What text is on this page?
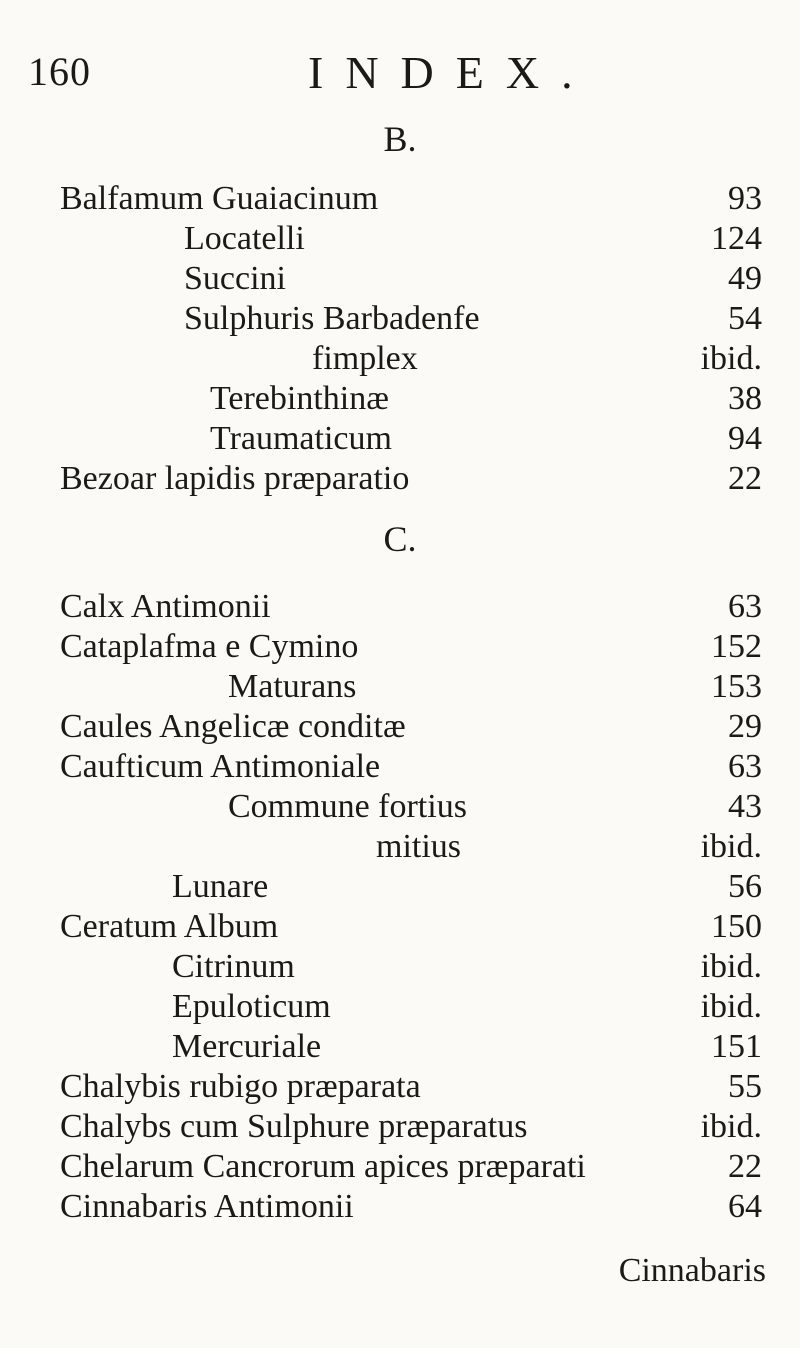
160	INDEX.
B.
Balfamum Guaiacinum	93
Locatelli	124
Succini	49
Sulphuris Barbadenfe	54
fimplex	ibid.
Terebinthinæ	38
Traumaticum	94
Bezoar lapidis præparatio	22
C.
Calx Antimonii	63
Cataplafma e Cymino	152
Maturans	153
Caules Angelicæ conditæ	29
Caufticum Antimoniale	63
Commune fortius	43
mitius	ibid.
Lunare	56
Ceratum Album	150
Citrinum	ibid.
Epuloticum	ibid.
Mercuriale	151
Chalybis rubigo præparata	55
Chalybs cum Sulphure præparatus	ibid.
Chelarum Cancrorum apices præparati	22
Cinnabaris Antimonii	64
Cinnabaris
